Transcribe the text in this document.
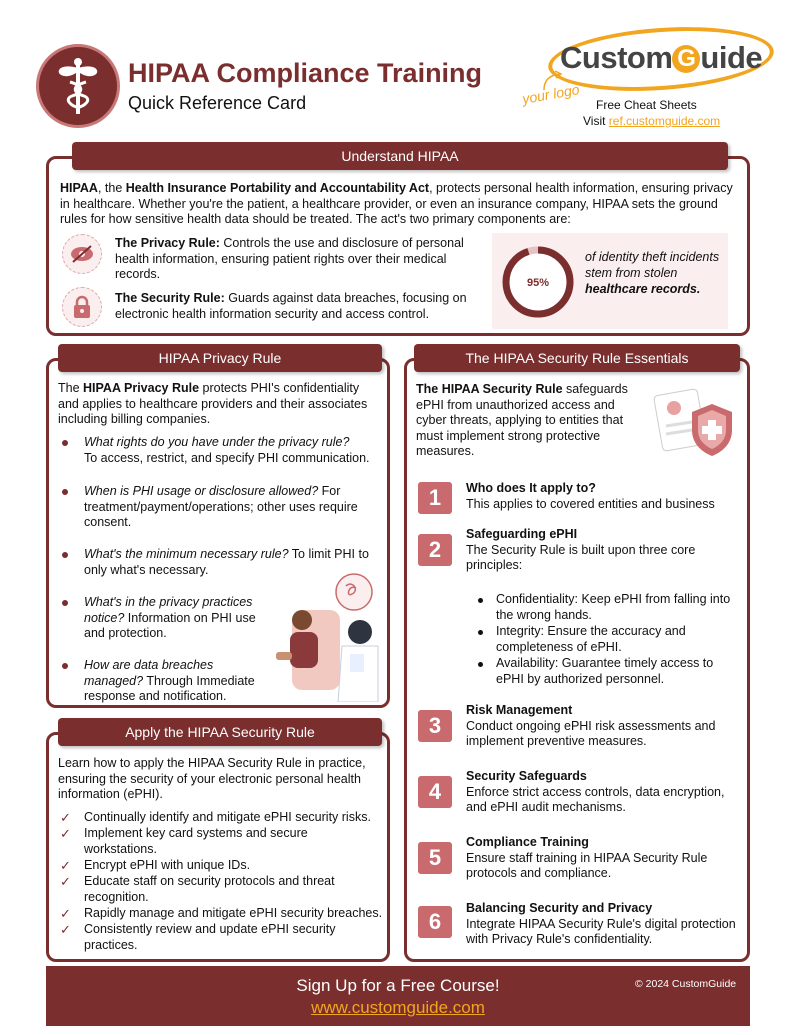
HIPAA Compliance Training
Quick Reference Card
Custom G uide
your logo Free Cheat Sheets
Visit ref.customguide.com
Understand HIPAA
HIPAA, the Health Insurance Portability and Accountability Act, protects personal health information, ensuring privacy in healthcare. Whether you're the patient, a healthcare provider, or even an insurance company, HIPAA sets the ground rules for how sensitive health data should be treated. The act's two primary components are:
The Privacy Rule: Controls the use and disclosure of personal health information, ensuring patient rights over their medical records.
The Security Rule: Guards against data breaches, focusing on electronic health information security and access control.
95%
of identity theft incidents stem from stolen healthcare records.
HIPAA Privacy Rule
The HIPAA Privacy Rule protects PHI's confidentiality and applies to healthcare providers and their associates including billing companies.
What rights do you have under the privacy rule?
To access, restrict, and specify PHI communication.
When is PHI usage or disclosure allowed? For treatment/payment/operations; other uses require consent.
What's the minimum necessary rule? To limit PHI to only what's necessary.
What's in the privacy practices notice? Information on PHI use and protection.
How are data breaches managed? Through Immediate response and notification.
Apply the HIPAA Security Rule
Learn how to apply the HIPAA Security Rule in practice, ensuring the security of your electronic personal health information (ePHI).
✓ Continually identify and mitigate ePHI security risks.
✓ Implement key card systems and secure workstations.
✓ Encrypt ePHI with unique IDs.
✓ Educate staff on security protocols and threat recognition.
✓ Rapidly manage and mitigate ePHI security breaches.
✓ Consistently review and update ePHI security practices.
The HIPAA Security Rule Essentials
The HIPAA Security Rule safeguards ePHI from unauthorized access and cyber threats, applying to entities that must implement strong protective measures.
1	Who does It apply to?
This applies to covered entities and business
2
Safeguarding ePHI
The Security Rule is built upon three core principles:
Confidentiality: Keep ePHI from falling into the wrong hands.
Integrity: Ensure the accuracy and completeness of ePHI.
Availability: Guarantee timely access to ePHI by authorized personnel.
3
Risk Management
Conduct ongoing ePHI risk assessments and implement preventive measures.
4
Security Safeguards
Enforce strict access controls, data encryption, and ePHI audit mechanisms.
5
Compliance Training
Ensure staff training in HIPAA Security Rule protocols and compliance.
6
Balancing Security and Privacy
Integrate HIPAA Security Rule's digital protection with Privacy Rule's confidentiality.
Sign Up for a Free Course!
www.customguide.com
© 2024 CustomGuide
